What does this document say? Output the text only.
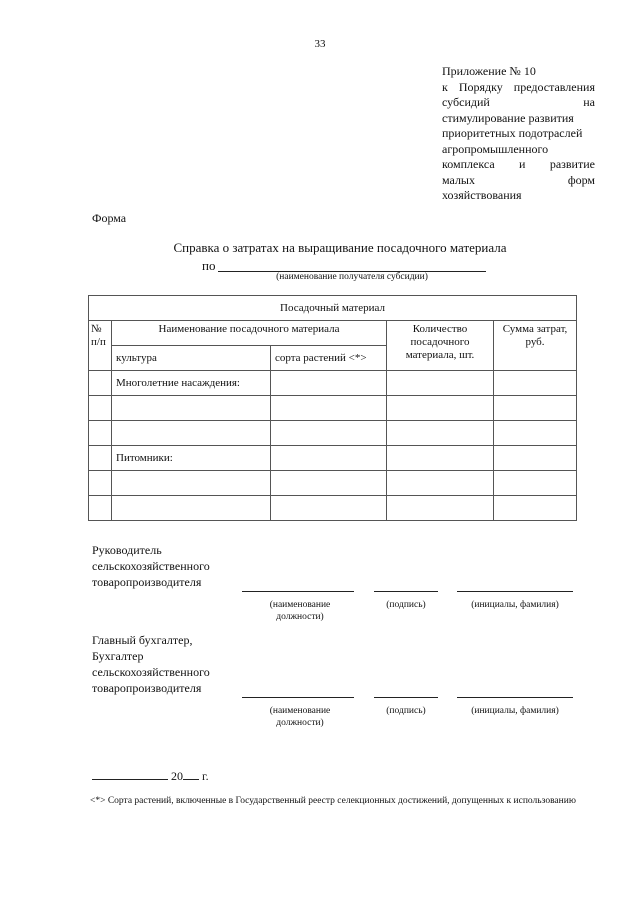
33
Приложение № 10
к Порядку предоставления
субсидий	на
стимулирование развития
приоритетных подотраслей
агропромышленного
комплекса и развитие
малых	форм
хозяйствования
Форма
Справка о затратах на выращивание посадочного материала
по
(наименование получателя субсидии)
Посадочный материал				
№ п/п	Наименование посадочного материала		Количество посадочного материала, шт.	Сумма затрат, руб.
	культура	сорта растений <*>		
	Многолетние насаждения:			

	Питомники:			

Руководитель
сельскохозяйственного
товаропроизводителя
(наименование должности)
(подпись)	(инициалы, фамилия)
Главный бухгалтер,
Бухгалтер
сельскохозяйственного
товаропроизводителя
(наименование должности)
(подпись)	(инициалы, фамилия)
20 г.
<*> Сорта растений, включенные в Государственный реестр селекционных достижений, допущенных к использованию
